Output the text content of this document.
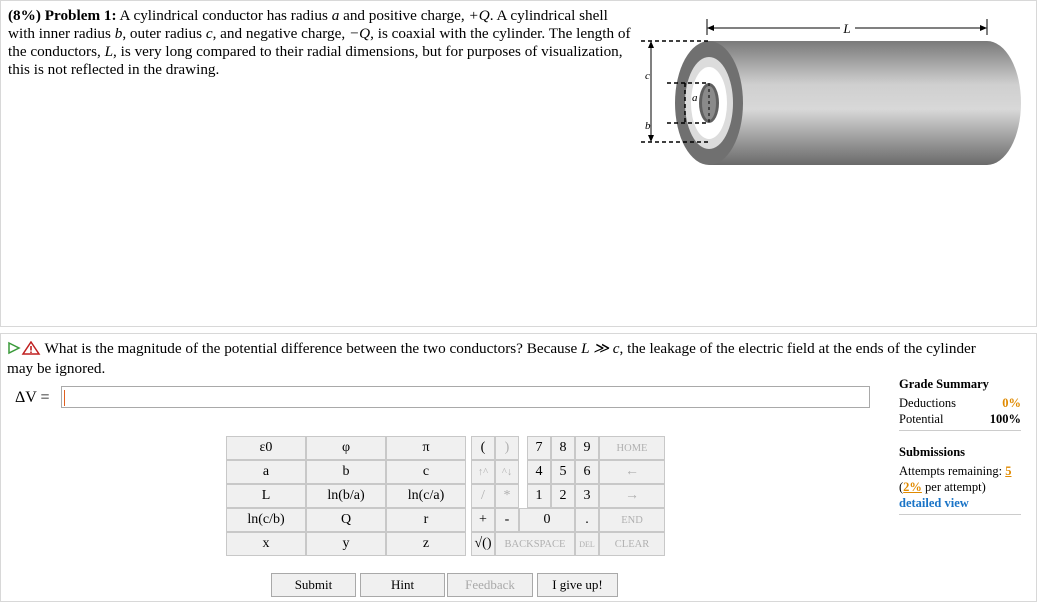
(8%) Problem 1: A cylindrical conductor has radius a and positive charge, +Q. A cylindrical shell with inner radius b, outer radius c, and negative charge, −Q, is coaxial with the cylinder. The length of the conductors, L, is very long compared to their radial dimensions, but for purposes of visualization, this is not reflected in the drawing.
L
c
a
b
What is the magnitude of the potential difference between the two conductors? Because L ≫ c, the leakage of the electric field at the ends of the cylinder may be ignored.
ΔV =
Grade Summary
Deductions	0%
Potential	100%
Submissions
Attempts remaining: 5
(2% per attempt)
detailed view
ε0	φ	π
a	b	c
L	ln(b/a)	ln(c/a)
ln(c/b)	Q	r
x	y	z
(	)
↑^	^↓
/	*
+	-
√()
7	8	9
4	5	6
1	2	3
0	.
BACKSPACE	DEL
HOME
←
→
END
CLEAR
Submit	Hint	Feedback	I give up!
